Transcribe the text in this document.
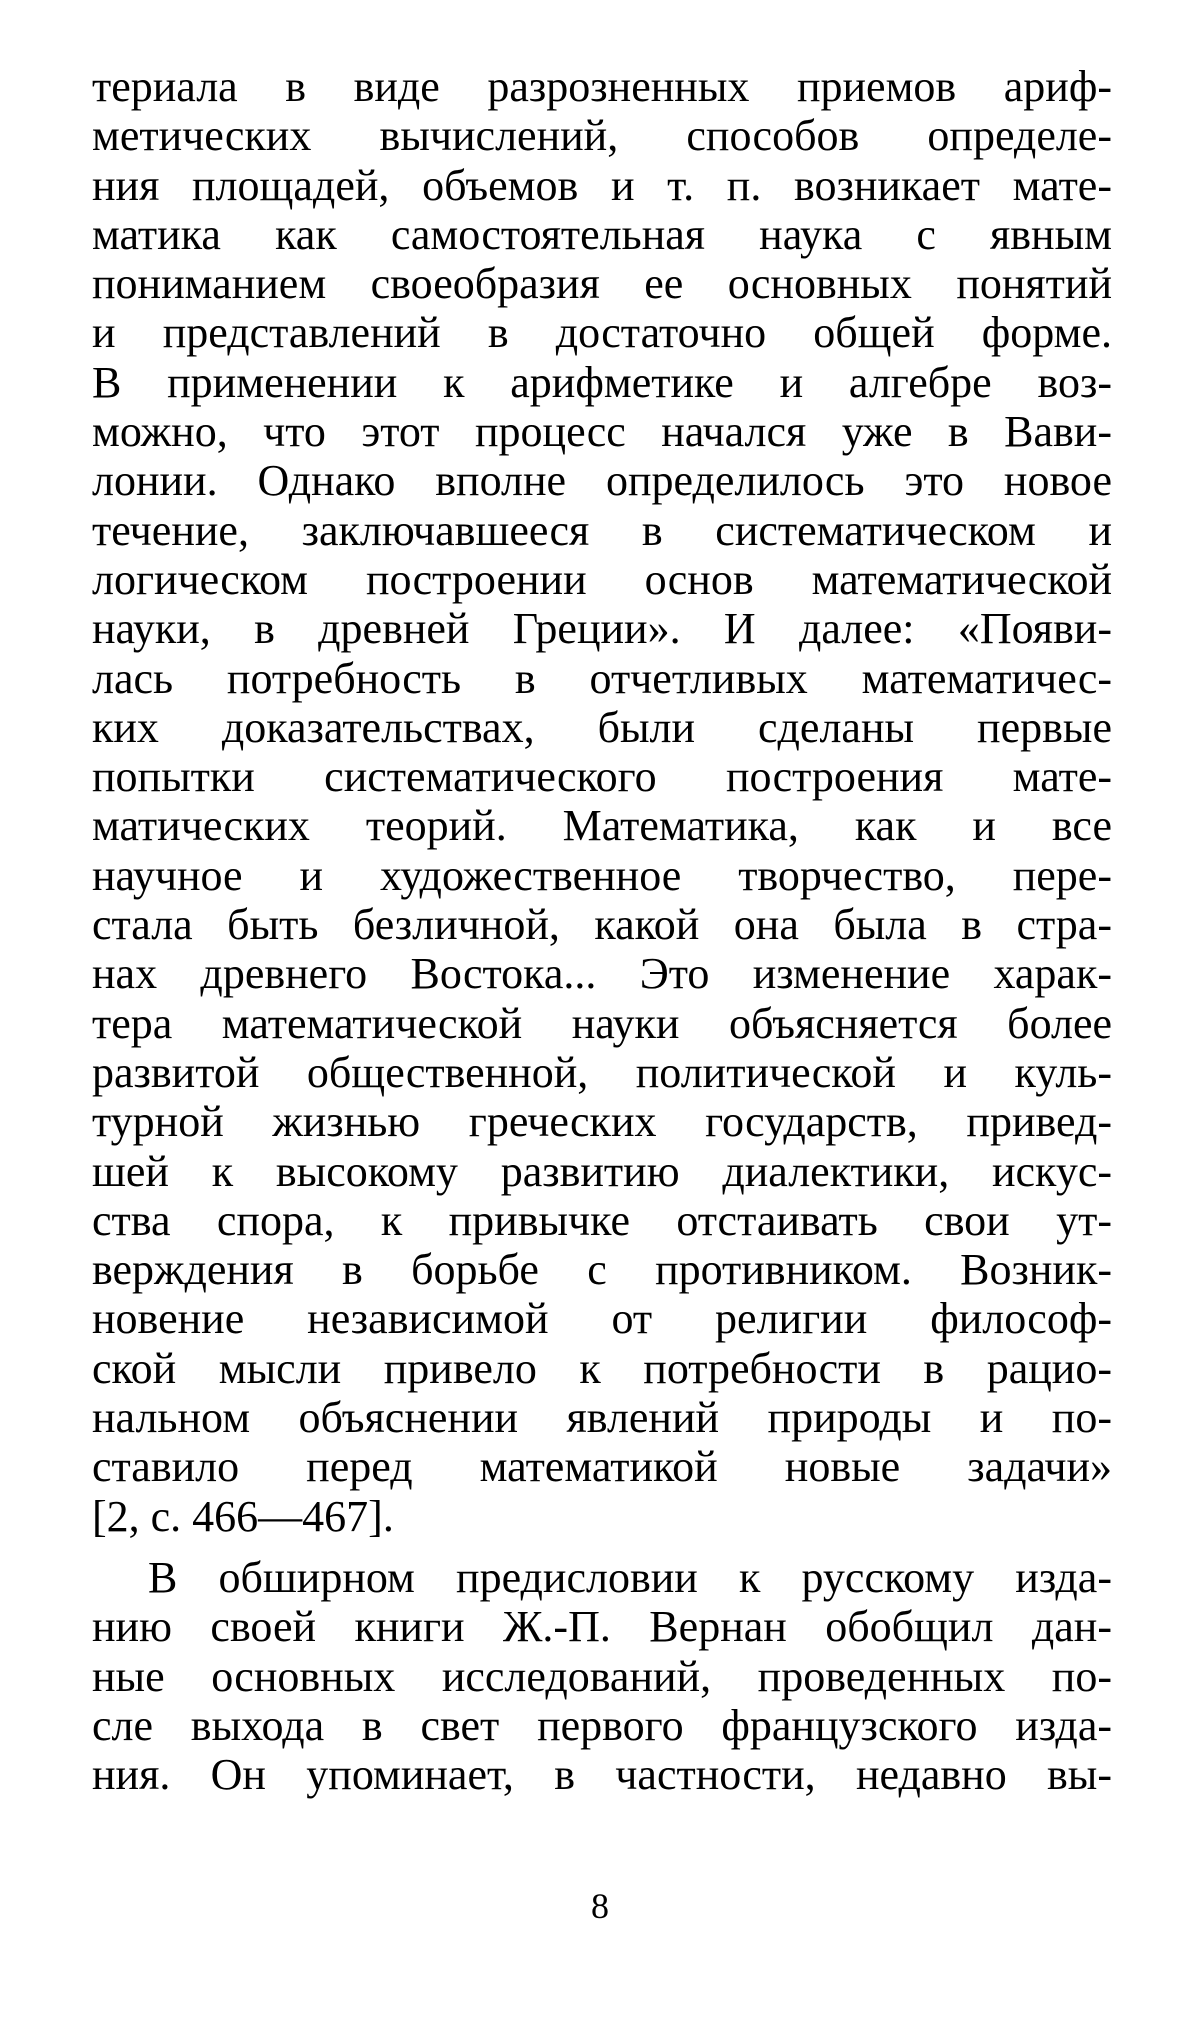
териала в виде разрозненных приемов ариф-
метических вычислений, способов определе-
ния площадей, объемов и т. п. возникает мате-
матика как самостоятельная наука с явным
пониманием своеобразия ее основных понятий
и представлений в достаточно общей форме.
В применении к арифметике и алгебре воз-
можно, что этот процесс начался уже в Вави-
лонии. Однако вполне определилось это новое
течение, заключавшееся в систематическом и
логическом построении основ математической
науки, в древней Греции». И далее: «Появи-
лась потребность в отчетливых математичес-
ких доказательствах, были сделаны первые
попытки систематического построения мате-
матических теорий. Математика, как и все
научное и художественное творчество, пере-
стала быть безличной, какой она была в стра-
нах древнего Востока... Это изменение харак-
тера математической науки объясняется более
развитой общественной, политической и куль-
турной жизнью греческих государств, привед-
шей к высокому развитию диалектики, искус-
ства спора, к привычке отстаивать свои ут-
верждения в борьбе с противником. Возник-
новение независимой от религии философ-
ской мысли привело к потребности в рацио-
нальном объяснении явлений природы и по-
ставило перед математикой новые задачи»
[2, с. 466—467].
В обширном предисловии к русскому изда-
нию своей книги Ж.-П. Вернан обобщил дан-
ные основных исследований, проведенных по-
сле выхода в свет первого французского изда-
ния. Он упоминает, в частности, недавно вы-
8
